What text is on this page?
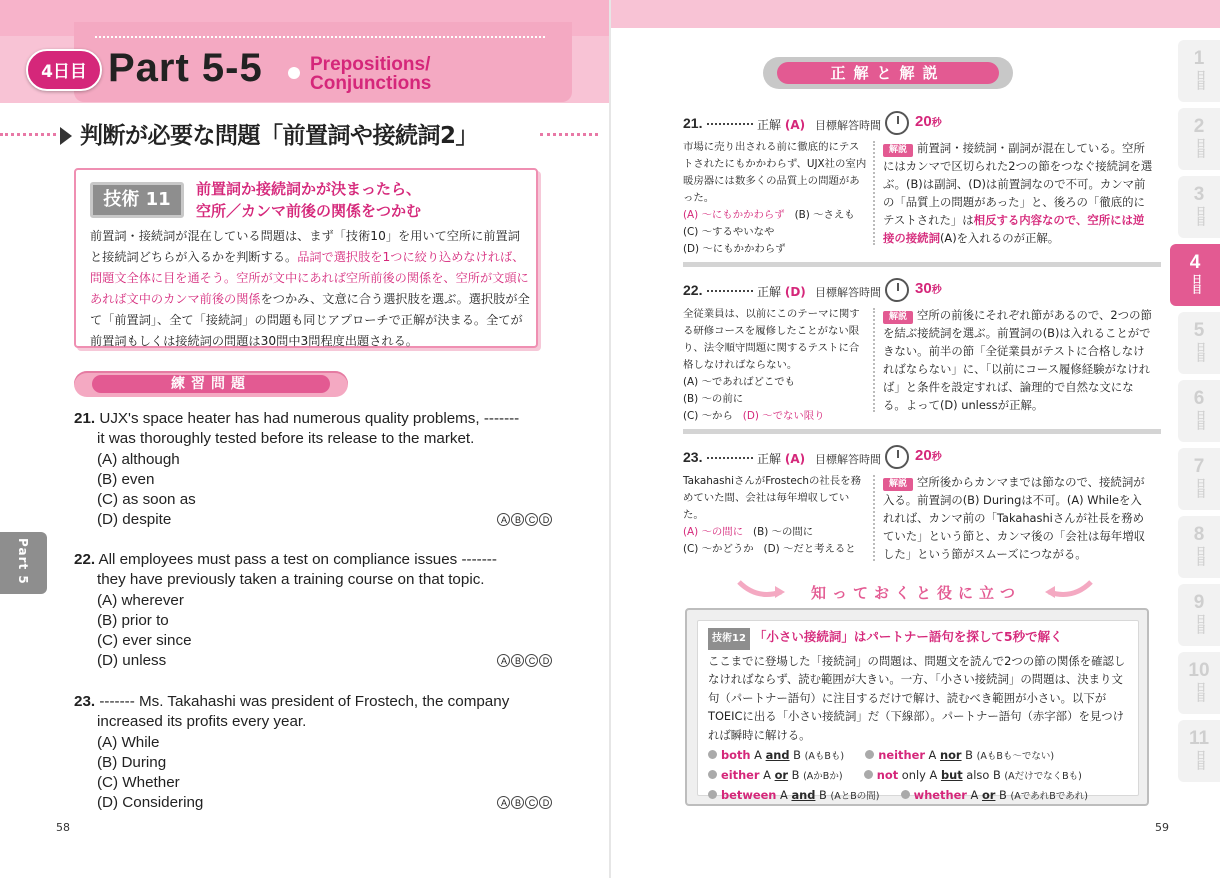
4日目 Part 5-5 Prepositions/
Conjunctions
判断が必要な問題「前置詞や接続詞2」
技術 11	前置詞か接続詞かが決まったら、
空所／カンマ前後の関係をつかむ
前置詞・接続詞が混在している問題は、まず「技術10」を用いて空所に前置詞と接続詞どちらが入るかを判断する。品詞で選択肢を1つに絞り込めなければ、問題文全体に目を通そう。空所が文中にあれば空所前後の関係を、空所が文頭にあれば文中のカンマ前後の関係をつかみ、文意に合う選択肢を選ぶ。選択肢が全て「前置詞」、全て「接続詞」の問題も同じアプローチで正解が決まる。全てが前置詞もしくは接続詞の問題は30問中3問程度出題される。
練習問題
21. UJX's space heater has had numerous quality problems, -------
it was thoroughly tested before its release to the market.
(A) although
(B) even
(C) as soon as
(D) despite	A B C D
22. All employees must pass a test on compliance issues -------
they have previously taken a training course on that topic.
(A) wherever
(B) prior to
(C) ever since
(D) unless	A B C D
23. ------- Ms. Takahashi was president of Frostech, the company
increased its profits every year.
(A) While
(B) During
(C) Whether
(D) Considering	A B C D
Part 5
58
正解と解説
21.	正解 (A) 目標解答時間 20秒
市場に売り出される前に徹底的にテストされたにもかかわらず、UJX社の室内暖房器には数多くの品質上の問題があった。
(A) 〜にもかかわらず (B) 〜さえも
(C) 〜するやいなや
(D) 〜にもかかわらず
解説 前置詞・接続詞・副詞が混在している。空所にはカンマで区切られた2つの節をつなぐ接続詞を選ぶ。(B)は副詞、(D)は前置詞なので不可。カンマ前の「品質上の問題があった」と、後ろの「徹底的にテストされた」は相反する内容なので、空所には逆接の接続詞(A)を入れるのが正解。
22.	正解 (D) 目標解答時間 30秒
全従業員は、以前にこのテーマに関する研修コースを履修したことがない限り、法令順守問題に関するテストに合格しなければならない。
(A) 〜であればどこでも
(B) 〜の前に
(C) 〜から (D) 〜でない限り
解説 空所の前後にそれぞれ節があるので、2つの節を結ぶ接続詞を選ぶ。前置詞の(B)は入れることができない。前半の節「全従業員がテストに合格しなければならない」に、「以前にコース履修経験がなければ」と条件を設定すれば、論理的で自然な文になる。よって(D) unlessが正解。
23.	正解 (A) 目標解答時間 20秒
TakahashiさんがFrostechの社長を務めていた間、会社は毎年増収していた。
(A) 〜の間に (B) 〜の間に
(C) 〜かどうか (D) 〜だと考えると
解説 空所後からカンマまでは節なので、接続詞が入る。前置詞の(B) Duringは不可。(A) Whileを入れれば、カンマ前の「Takahashiさんが社長を務めていた」という節と、カンマ後の「会社は毎年増収した」という節がスムーズにつながる。
知っておくと役に立つ
技術12 「小さい接続詞」はパートナー語句を探して5秒で解く
ここまでに登場した「接続詞」の問題は、問題文を読んで2つの節の関係を確認しなければならず、読む範囲が大きい。一方、「小さい接続詞」の問題は、決まり文句（パートナー語句）に注目するだけで解け、読むべき範囲が小さい。以下がTOEICに出る「小さい接続詞」だ（下線部）。パートナー語句（赤字部）を見つければ瞬時に解ける。
both A and B (AもBも)	neither A nor B (AもBも〜でない)
either A or B (AかBか)	not only A but also B (AだけでなくBも)
between A and B (AとBの間)	whether A or B (AであれBであれ)
1
日目
2
日目
3
日目
4
日目
5
日目
6
日目
7
日目
8
日目
9
日目
10
日目
11
日目
59
